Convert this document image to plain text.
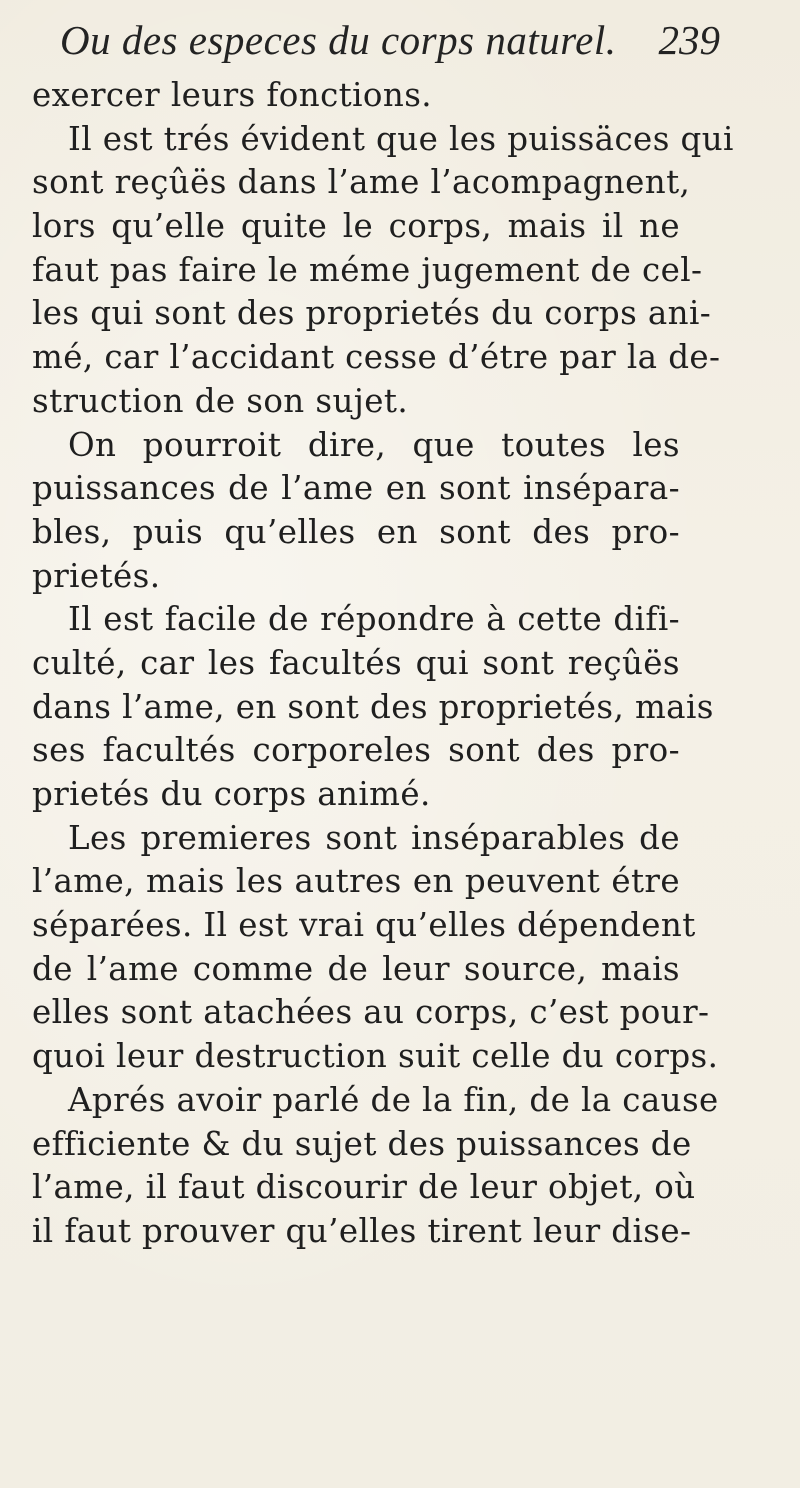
Ou des especes du corps naturel. 239
exercer leurs fonctions.
Il est trés évident que les puissäces qui
sont reçûës dans l’ame l’acompagnent,
lors qu’elle quite le corps, mais il ne
faut pas faire le méme jugement de cel-
les qui sont des proprietés du corps ani-
mé, car l’accidant cesse d’étre par la de-
struction de son sujet.
On pourroit dire, que toutes les
puissances de l’ame en sont insépara-
bles, puis qu’elles en sont des pro-
prietés.
Il est facile de répondre à cette difi-
culté, car les facultés qui sont reçûës
dans l’ame, en sont des proprietés, mais
ses facultés corporeles sont des pro-
prietés du corps animé.
Les premieres sont inséparables de
l’ame, mais les autres en peuvent étre
séparées. Il est vrai qu’elles dépendent
de l’ame comme de leur source, mais
elles sont atachées au corps, c’est pour-
quoi leur destruction suit celle du corps.
Aprés avoir parlé de la fin, de la cause
efficiente & du sujet des puissances de
l’ame, il faut discourir de leur objet, où
il faut prouver qu’elles tirent leur dise-
